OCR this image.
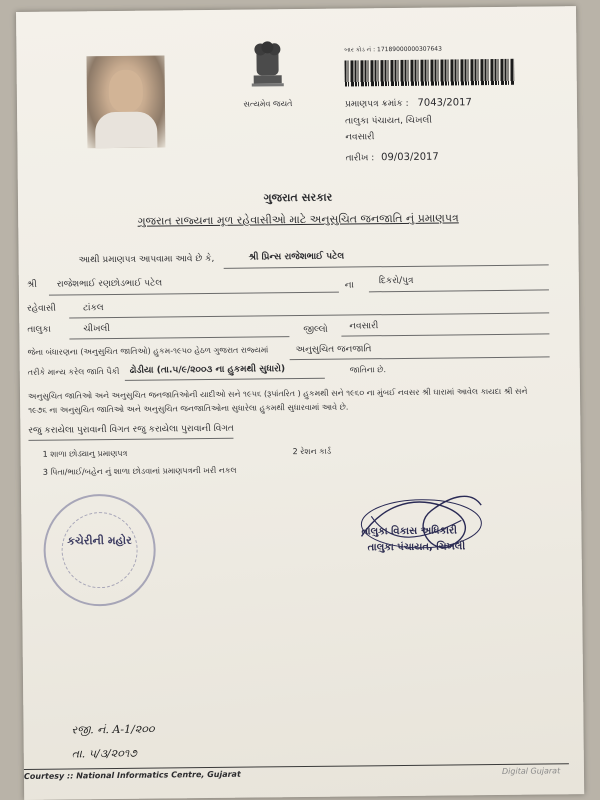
સત્યમેવ જયતે
બાર કોડ નં : 17189000000307643
પ્રમાણપત્ર ક્રમાંક : 7043/2017
તાલુકા પંચાયત, ચિખલી
નવસારી
તારીખ : 09/03/2017
ગુજરાત સરકાર
ગુજરાત રાજ્યના મૂળ રહેવાસીઓ માટે અનુસુચિત જનજાતિ નું પ્રમાણપત્ર
આથી પ્રમાણપત્ર આપવામા આવે છે કે,	શ્રી પ્રિન્સ રાજેશભાઈ પટેલ
શ્રી રાજેશભાઈ રણછોડભાઈ પટેલ	ના	દિકરો/પુત્ર
રહેવાસી	ટાંકલ
તાલુકા	ચીખલી	જીલ્લો નવસારી
જેના બંધારણના (અનુસુચિત જાતિઓ) હુકમ-૧૯૫૦ હેઠળ ગુજરાત રાજ્યમાં	અનુસુચિત જનજાતિ
તરીકે માન્ય કરેલ જાતિ પૈકી ઢોડીયા (તા.૫/૯/૨૦૦૩ ના હુકમથી સુધારો)	જાતિના છે.
અનુસુચિત જાતિઓ અને અનુસુચિત જનજાતિઓની યાદીઓ સને ૧૯૫૬ (રૂપાંતરિત ) હુકમથી સને ૧૯૬૦ ના મુંબઈ નવસર શ્રી ઘારામાં આવેલ કાયદા શ્રી સને ૧૯૭૬ ના અનુસુચિત જાતિઓ અને અનુસુચિત જનજાતિઓના સુધારેલા હુકમથી સુધારવામાં આવે છે.
રજુ કરાયેલા પુરાવાની વિગત રજુ કરાયેલા પુરાવાની વિગત
1 શાળા છોડ્યાનુ પ્રમાણપત્ર	2 રેશન કાર્ડ
3 પિતા/ભાઈ/બહેન નું શાળા છોડવાનાં પ્રમાણપત્રની ખરી નકલ
કચેરીની મહોર
તાલુકા વિકાસ અધિકારી
તાલુકા પંચાયત, ચિખલી
રજી. નં. A-1/૨૦૦
તા. ૫/૩/૨૦૧૭
Courtesy :: National Informatics Centre, Gujarat	Digital Gujarat
